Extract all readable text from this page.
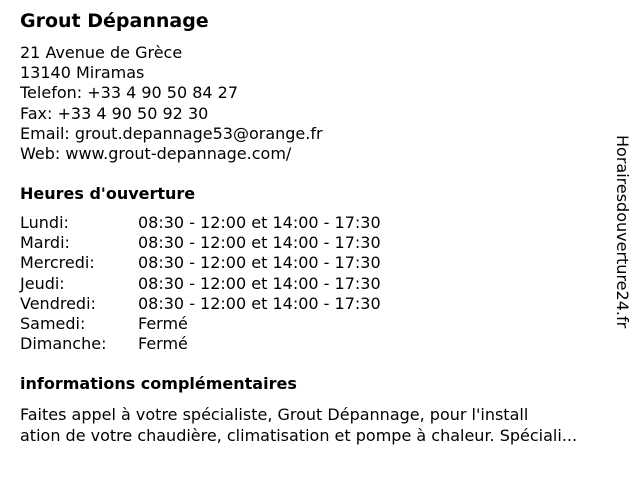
Grout Dépannage
21 Avenue de Grèce
13140 Miramas
Telefon: +33 4 90 50 84 27
Fax: +33 4 90 50 92 30
Email: grout.depannage53@orange.fr
Web: www.grout-depannage.com/
Heures d'ouverture
Lundi:	08:30 - 12:00 et 14:00 - 17:30
Mardi:	08:30 - 12:00 et 14:00 - 17:30
Mercredi:	08:30 - 12:00 et 14:00 - 17:30
Jeudi:	08:30 - 12:00 et 14:00 - 17:30
Vendredi:	08:30 - 12:00 et 14:00 - 17:30
Samedi:	Fermé
Dimanche:	Fermé
informations complémentaires
Faites appel à votre spécialiste, Grout Dépannage, pour l'install
ation de votre chaudière, climatisation et pompe à chaleur. Spéciali...
Horairesdouverture24.fr
